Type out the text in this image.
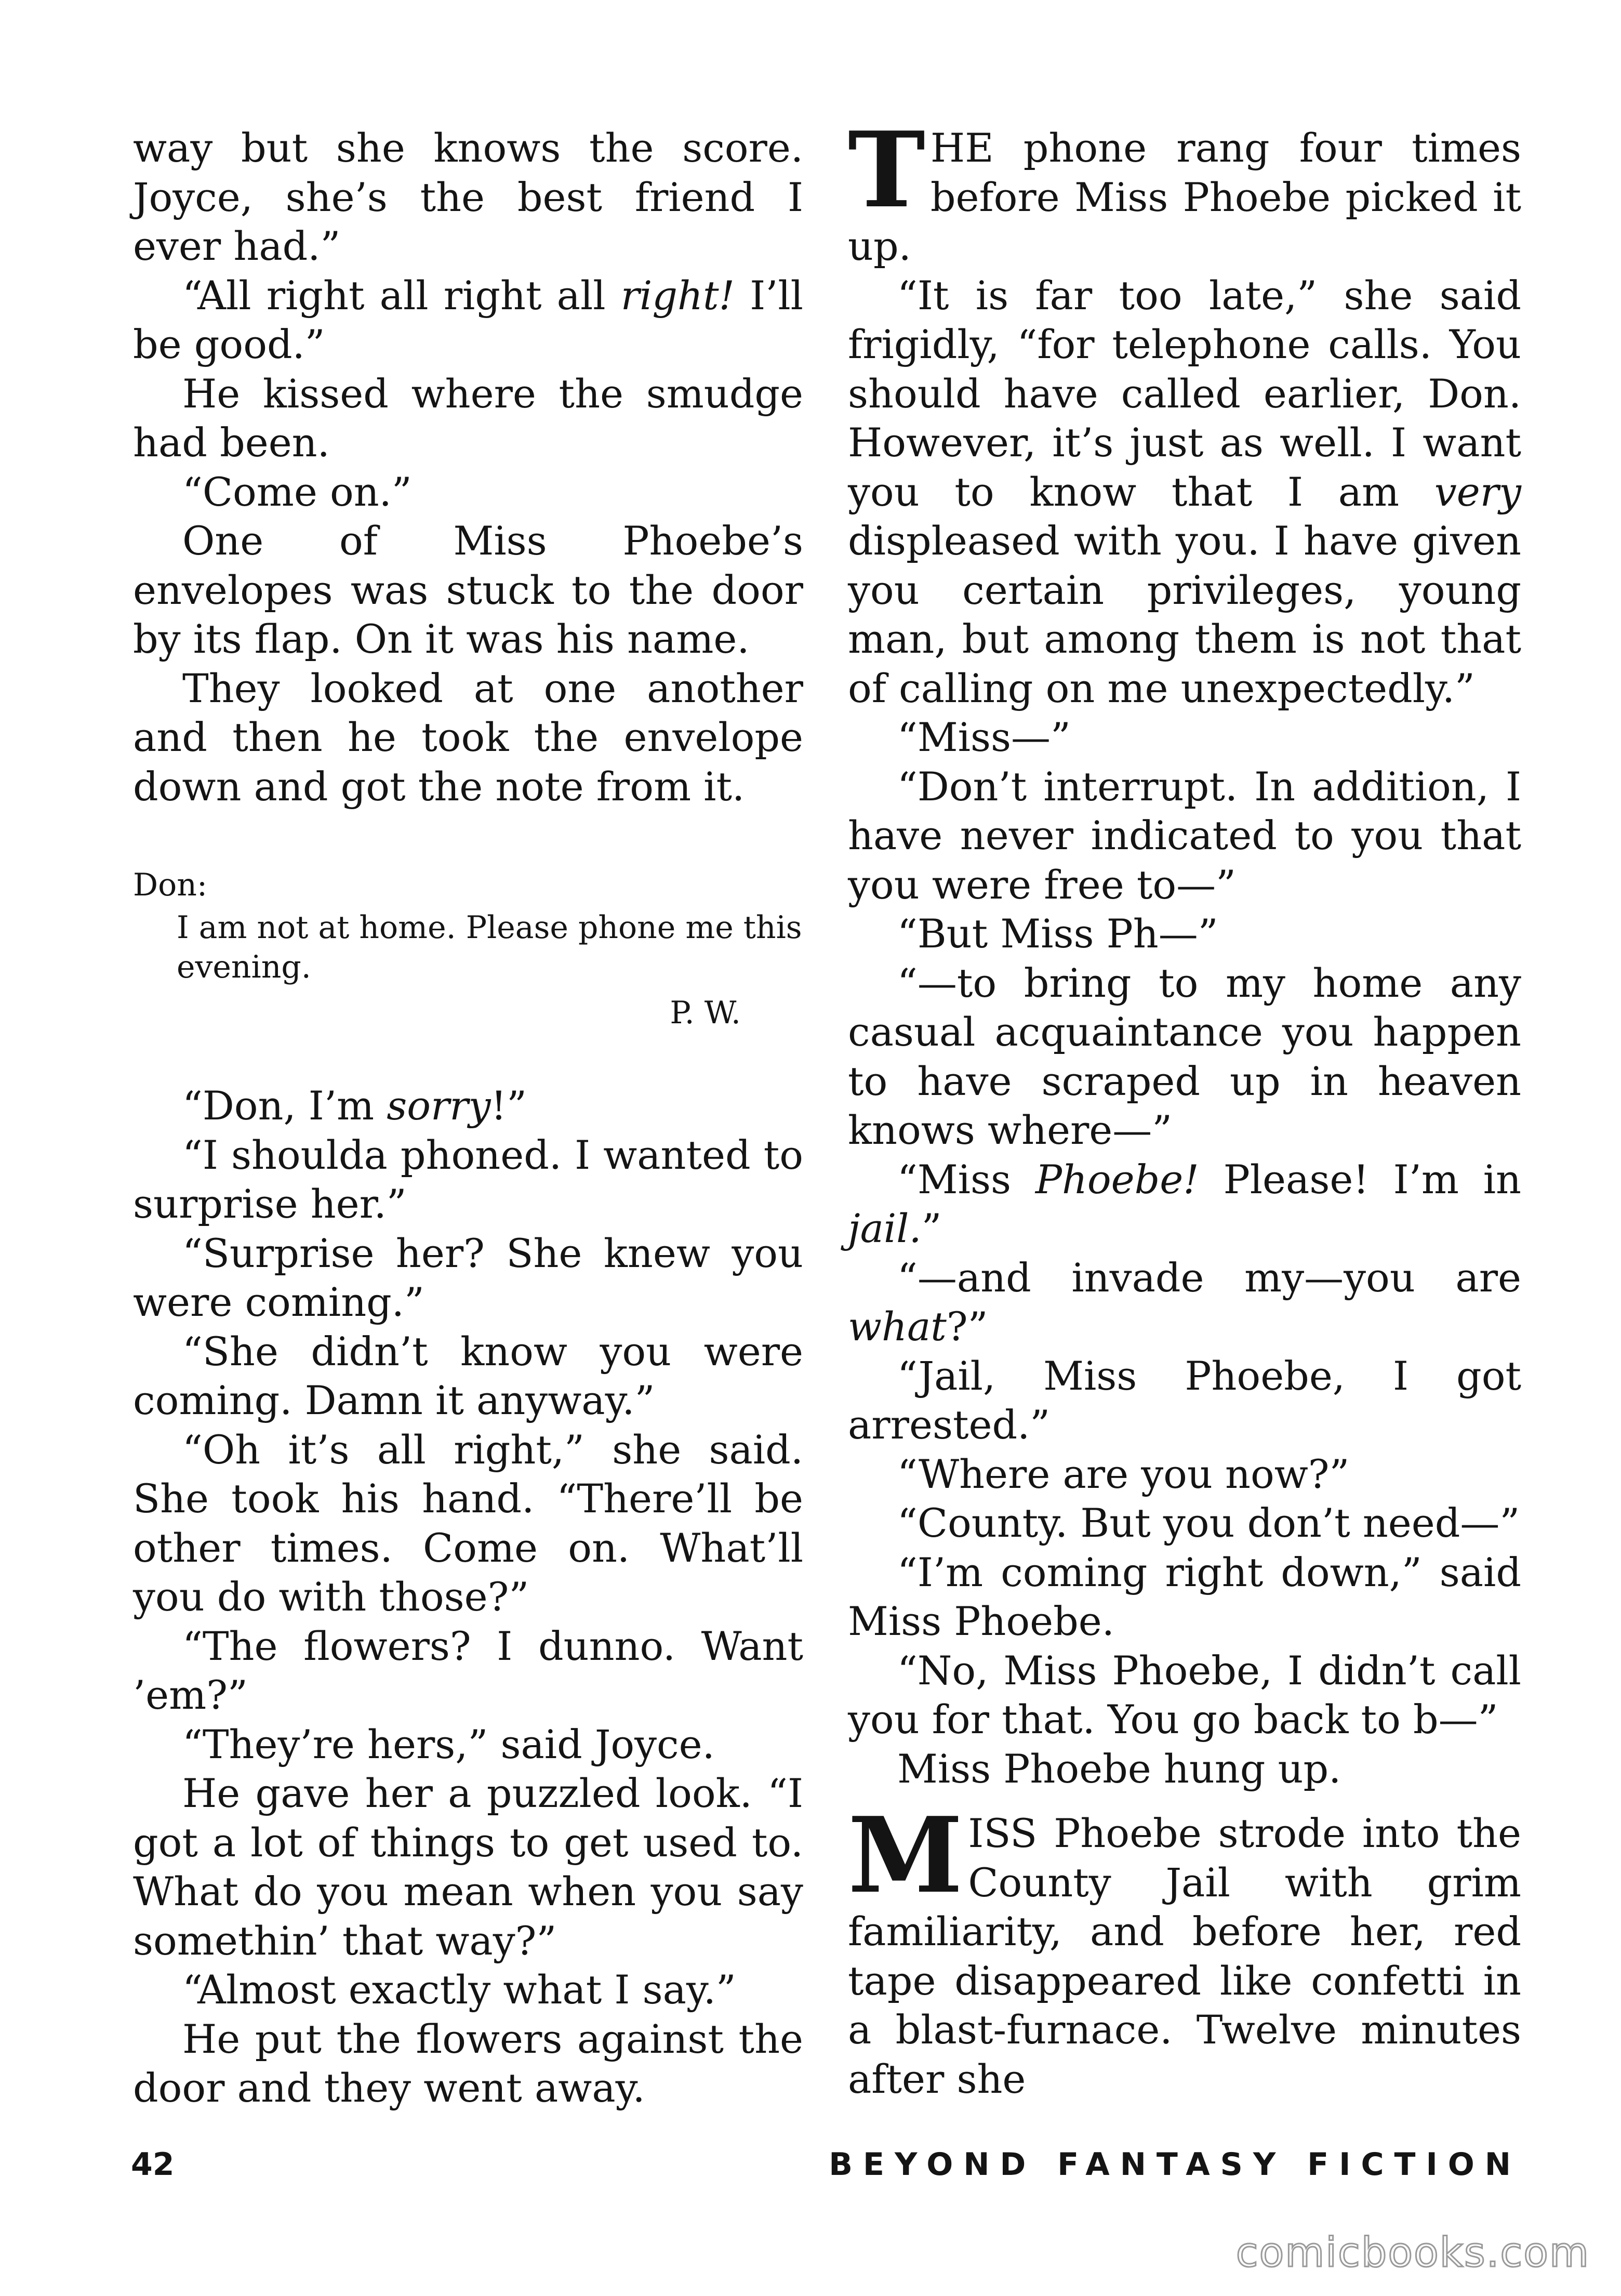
way but she knows the score. Joyce, she’s the best friend I ever had.”

“All right all right all right! I’ll be good.”

He kissed where the smudge had been.

“Come on.”

One of Miss Phoebe’s envelopes was stuck to the door by its flap. On it was his name.

They looked at one another and then he took the envelope down and got the note from it.

Don:
I am not at home. Please phone me this evening.
P. W.

“Don, I’m sorry!”

“I shoulda phoned. I wanted to surprise her.”

“Surprise her? She knew you were coming.”

“She didn’t know you were coming. Damn it anyway.”

“Oh it’s all right,” she said. She took his hand. “There’ll be other times. Come on. What’ll you do with those?”

“The flowers? I dunno. Want ’em?”

“They’re hers,” said Joyce.

He gave her a puzzled look. “I got a lot of things to get used to. What do you mean when you say somethin’ that way?”

“Almost exactly what I say.”

He put the flowers against the door and they went away.

T HE phone rang four times before Miss Phoebe picked it up.

“It is far too late,” she said frigidly, “for telephone calls. You should have called earlier, Don. However, it’s just as well. I want you to know that I am very displeased with you. I have given you certain privileges, young man, but among them is not that of calling on me unexpectedly.”

“Miss—”

“Don’t interrupt. In addition, I have never indicated to you that you were free to—”

“But Miss Ph—”

“—to bring to my home any casual acquaintance you happen to have scraped up in heaven knows where—”

“Miss Phoebe! Please! I’m in jail.”

“—and invade my—you are what?”

“Jail, Miss Phoebe, I got arrested.”

“Where are you now?”

“County. But you don’t need—”

“I’m coming right down,” said Miss Phoebe.

“No, Miss Phoebe, I didn’t call you for that. You go back to b—”

Miss Phoebe hung up.

M ISS Phoebe strode into the County Jail with grim familiarity, and before her, red tape disappeared like confetti in a blast-furnace. Twelve minutes after she

42	BEYOND FANTASY FICTION
comicbooks.com
